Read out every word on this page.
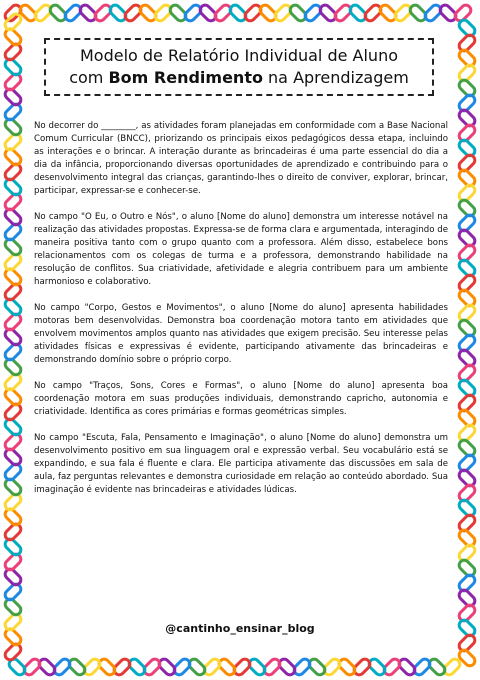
Modelo de Relatório Individual de Aluno
com Bom Rendimento na Aprendizagem

No decorrer do ________, as atividades foram planejadas em conformidade com a Base Nacional Comum Curricular (BNCC), priorizando os principais eixos pedagógicos dessa etapa, incluindo as interações e o brincar. A interação durante as brincadeiras é uma parte essencial do dia a dia da infância, proporcionando diversas oportunidades de aprendizado e contribuindo para o desenvolvimento integral das crianças, garantindo-lhes o direito de conviver, explorar, brincar, participar, expressar-se e conhecer-se.

No campo "O Eu, o Outro e Nós", o aluno [Nome do aluno] demonstra um interesse notável na realização das atividades propostas. Expressa-se de forma clara e argumentada, interagindo de maneira positiva tanto com o grupo quanto com a professora. Além disso, estabelece bons relacionamentos com os colegas de turma e a professora, demonstrando habilidade na resolução de conflitos. Sua criatividade, afetividade e alegria contribuem para um ambiente harmonioso e colaborativo.

No campo "Corpo, Gestos e Movimentos", o aluno [Nome do aluno] apresenta habilidades motoras bem desenvolvidas. Demonstra boa coordenação motora tanto em atividades que envolvem movimentos amplos quanto nas atividades que exigem precisão. Seu interesse pelas atividades físicas e expressivas é evidente, participando ativamente das brincadeiras e demonstrando domínio sobre o próprio corpo.

No campo "Traços, Sons, Cores e Formas", o aluno [Nome do aluno] apresenta boa coordenação motora em suas produções individuais, demonstrando capricho, autonomia e criatividade. Identifica as cores primárias e formas geométricas simples.

No campo "Escuta, Fala, Pensamento e Imaginação", o aluno [Nome do aluno] demonstra um desenvolvimento positivo em sua linguagem oral e expressão verbal. Seu vocabulário está se expandindo, e sua fala é fluente e clara. Ele participa ativamente das discussões em sala de aula, faz perguntas relevantes e demonstra curiosidade em relação ao conteúdo abordado. Sua imaginação é evidente nas brincadeiras e atividades lúdicas.

@cantinho_ensinar_blog
